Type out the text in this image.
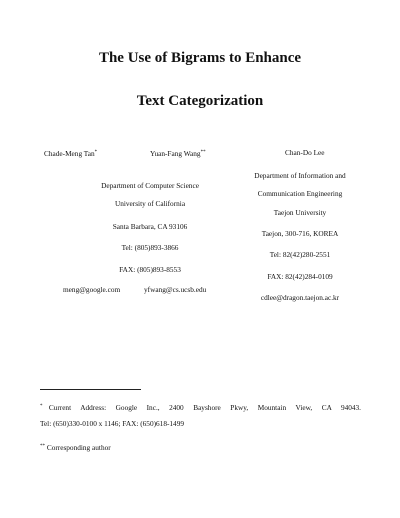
The Use of Bigrams to Enhance
Text Categorization
Chade-Meng Tan*	Yuan-Fang Wang**	Chan-Do Lee
Department of Computer Science
University of California
Santa Barbara, CA 93106
Tel: (805)893-3866
FAX: (805)893-8553
meng@google.com	yfwang@cs.ucsb.edu
Department of Information and
Communication Engineering
Taejon University
Taejon, 300-716, KOREA
Tel: 82(42)280-2551
FAX: 82(42)284-0109
cdlee@dragon.taejon.ac.kr
* Current Address: Google Inc., 2400 Bayshore Pkwy, Mountain View, CA 94043.
Tel: (650)330-0100 x 1146; FAX: (650)618-1499
** Corresponding author
